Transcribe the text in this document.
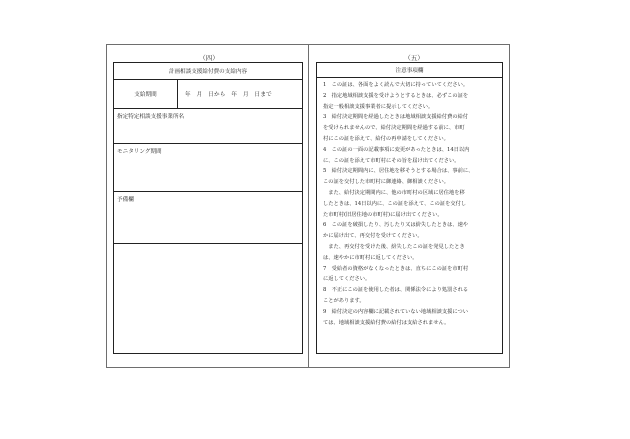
（四）	（五）
計画相談支援給付費の支給内容
支給期間	年　月　日から　年　月　日まで
指定特定相談支援事業所名
モニタリング期間
予備欄
注意事項欄
1　この証は、各面をよく読んで大切に持っていてください。
2　指定地域相談支援を受けようとするときは、必ずこの証を
指定一般相談支援事業者に提示してください。
3　給付決定期間を経過したときは地域相談支援給付費の給付
を受けられませんので、給付決定期間を経過する前に、市町
村にこの証を添えて、給付の再申請をしてください。
4　この証の一面の記載事項に変更があったときは、14日以内
に、この証を添えて市町村にその旨を届け出てください。
5　給付決定期間内に、居住地を移そうとする場合は、事前に、
この証を交付した市町村に御連絡、御相談ください。
　また、給付決定期間内に、他の市町村の区域に居住地を移
したときは、14日以内に、この証を添えて、この証を交付し
た市町村(旧居住地の市町村)に届け出てください。
6　この証を破損したり、汚したり又は紛失したときは、速や
かに届け出て、再交付を受けてください。
　また、再交付を受けた後、紛失したこの証を発見したとき
は、速やかに市町村に返してください。
7　受給者の資格がなくなったときは、直ちにこの証を市町村
に返してください。
8　不正にこの証を使用した者は、関係法令により処罰される
ことがあります。
9　給付決定の内容欄に記載されていない地域相談支援につい
ては、地域相談支援給付費の給付は支給されません。
